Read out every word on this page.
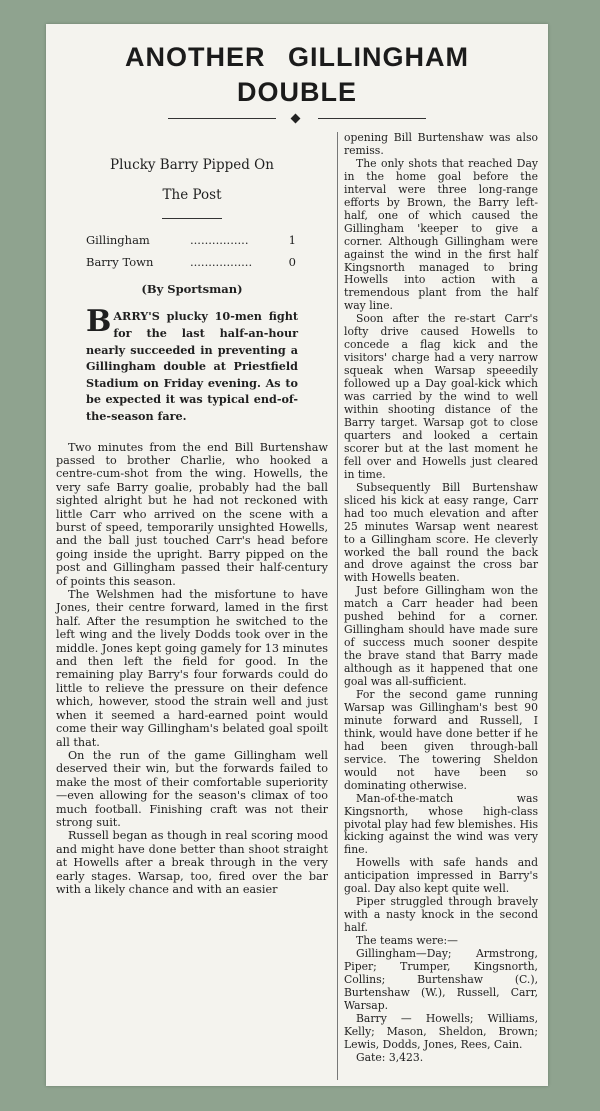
ANOTHER GILLINGHAM
DOUBLE
Plucky Barry Pipped On
The Post
Gillingham	................	1
Barry Town	.................	0
(By Sportsman)
BARRY'S plucky 10-men fight for the last half-an-hour nearly succeeded in preventing a Gillingham double at Priestfield Stadium on Friday evening. As to be expected it was typical end-of-the-season fare.

Two minutes from the end Bill Burtenshaw passed to brother Charlie, who hooked a centre-cum-shot from the wing. Howells, the very safe Barry goalie, probably had the ball sighted alright but he had not reckoned with little Carr who arrived on the scene with a burst of speed, temporarily unsighted Howells, and the ball just touched Carr's head before going inside the upright. Barry pipped on the post and Gillingham passed their half-century of points this season.

The Welshmen had the misfortune to have Jones, their centre forward, lamed in the first half. After the resumption he switched to the left wing and the lively Dodds took over in the middle. Jones kept going gamely for 13 minutes and then left the field for good. In the remaining play Barry's four forwards could do little to relieve the pressure on their defence which, however, stood the strain well and just when it seemed a hard-earned point would come their way Gillingham's belated goal spoilt all that.

On the run of the game Gillingham well deserved their win, but the forwards failed to make the most of their comfortable superiority—even allowing for the season's climax of too much football. Finishing craft was not their strong suit.

Russell began as though in real scoring mood and might have done better than shoot straight at Howells after a break through in the very early stages. Warsap, too, fired over the bar with a likely chance and with an easier

opening Bill Burtenshaw was also remiss.

The only shots that reached Day in the home goal before the interval were three long-range efforts by Brown, the Barry left-half, one of which caused the Gillingham 'keeper to give a corner. Although Gillingham were against the wind in the first half Kingsnorth managed to bring Howells into action with a tremendous plant from the half way line.

Soon after the re-start Carr's lofty drive caused Howells to concede a flag kick and the visitors' charge had a very narrow squeak when Warsap speeedily followed up a Day goal-kick which was carried by the wind to well within shooting distance of the Barry target. Warsap got to close quarters and looked a certain scorer but at the last moment he fell over and Howells just cleared in time.

Subsequently Bill Burtenshaw sliced his kick at easy range, Carr had too much elevation and after 25 minutes Warsap went nearest to a Gillingham score. He cleverly worked the ball round the back and drove against the cross bar with Howells beaten.

Just before Gillingham won the match a Carr header had been pushed behind for a corner. Gillingham should have made sure of success much sooner despite the brave stand that Barry made although as it happened that one goal was all-sufficient.

For the second game running Warsap was Gillingham's best 90 minute forward and Russell, I think, would have done better if he had been given through-ball service. The towering Sheldon would not have been so dominating otherwise.

Man-of-the-match was Kingsnorth, whose high-class pivotal play had few blemishes. His kicking against the wind was very fine.

Howells with safe hands and anticipation impressed in Barry's goal. Day also kept quite well.

Piper struggled through bravely with a nasty knock in the second half.

The teams were:—

Gillingham—Day; Armstrong, Piper; Trumper, Kingsnorth, Collins; Burtenshaw (C.), Burtenshaw (W.), Russell, Carr, Warsap.

Barry — Howells; Williams, Kelly; Mason, Sheldon, Brown; Lewis, Dodds, Jones, Rees, Cain.

Gate: 3,423.
